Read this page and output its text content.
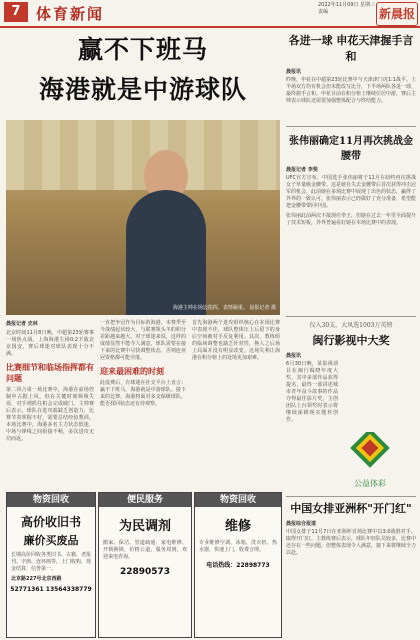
7	体育新闻	2022年11月09日 星期三
责编	新晨报
赢不下班马
海港就是中游球队
海港主帅在场边指挥，表情凝重。 晨报记者 摄
晨报记者 史林
北京时间11月8日晚，中超第23轮赛事一场焦点战，上海海港主场0:2不敌北京国安，赛后球迷对球队表现十分不满。
比赛细节和临场指挥都有问题
第二回合第一场比赛中，海港在前场控制中占据上风，但在关键时刻频频失误，对手则抓住机会完成破门。主帅赛后表示，球队在进攻端缺乏创造力，比赛节奏掌握不好，需要总结经验教训。本场比赛中，海港多名主力状态低迷，中场与锋线之间衔接不畅，多次进攻无功而返。
一直把争冠作为目标的海港，本赛季至今战绩起伏较大，与联赛领头羊的积分差距越来越大。对于球迷来说，这样的成绩显然不能令人满意，球队需要在接下来的比赛中尽快调整状态，否则连亚冠资格都可能旁落。
迎来最困难的时刻
此役赛后，有球迷在社交平台上直言：赢不下班马，海港就是中游球队。接下来的比赛，海港将面对多支保级球队，能否找回状态还有待观察。
首先海港两个进攻组织核心在本场比赛中表现不佳，球队整体压上后留下的身后空间被对手反复利用。其次，教练组的临场调整也缺乏针对性，换人之后场上局面并没有明显改变。这场失利让海港在积分榜上的处境更加艰难。
各进一球 申花天津握手言和
晨报讯
昨晚，申花在中超第23轮比赛中与天津津门虎1:1战平。上半场双方均有机会但未能改写比分，下半场两队各进一球，最终握手言和。申花目前在积分榜上继续位居中游，赛后主帅表示球队还需要加强整体配合与终结能力。
张伟丽确定11月再次挑战金腰带
晨报记者 李斐
UFC官方宣布，中国选手张伟丽将于11月在纽约再次挑战女子草量级金腰带。这是她自失去金腰带后首次获得冲击冠军的机会，此前她在多场比赛中展现了出色的状态，赢得了外界的一致认可。张伟丽表示已经做好了充分准备，希望能把金腰带带回中国。
张伟丽此前两次不敌现任拳王，但她在过去一年里全面提升了技术短板，外界普遍看好她在本场比赛中的表现。
仅入30支，大凤选1003万英镑
闽行影视中大奖
晨报讯
6月30日晚，某影视项目在闽行揭晓年度大奖，其中多部作品获得提名，最终一部讲述城市青年奋斗故事的作品夺得最佳影片奖，主创团队上台领奖时表示将继续深耕现实题材创作。
公益体彩
中国女排亚洲杯"开门红"
晨报综合报道
中国女排于11月7日在亚洲杯首场比赛中以3:0战胜对手，取得开门红。主教练赛后表示，球队年轻队员较多，比赛中还存在一些问题，但整体表现令人满意，接下来将继续全力以赴。
物资回收
高价收旧书
廉价买废品
长期高价回收各类旧书、古籍、老报刊、字画、连环画等，上门收购，现金结算，信誉第一。
北京路227号北京西路
52771361 13564338779
便民服务
为民调剂
搬家、保洁、管道疏通、家电维修、开锁换锁，价格公道，服务周到，欢迎来电咨询。
22890573
物资回收
维修
专业维修空调、冰箱、洗衣机、热水器，快速上门，收费合理。
电话热线：22898773
